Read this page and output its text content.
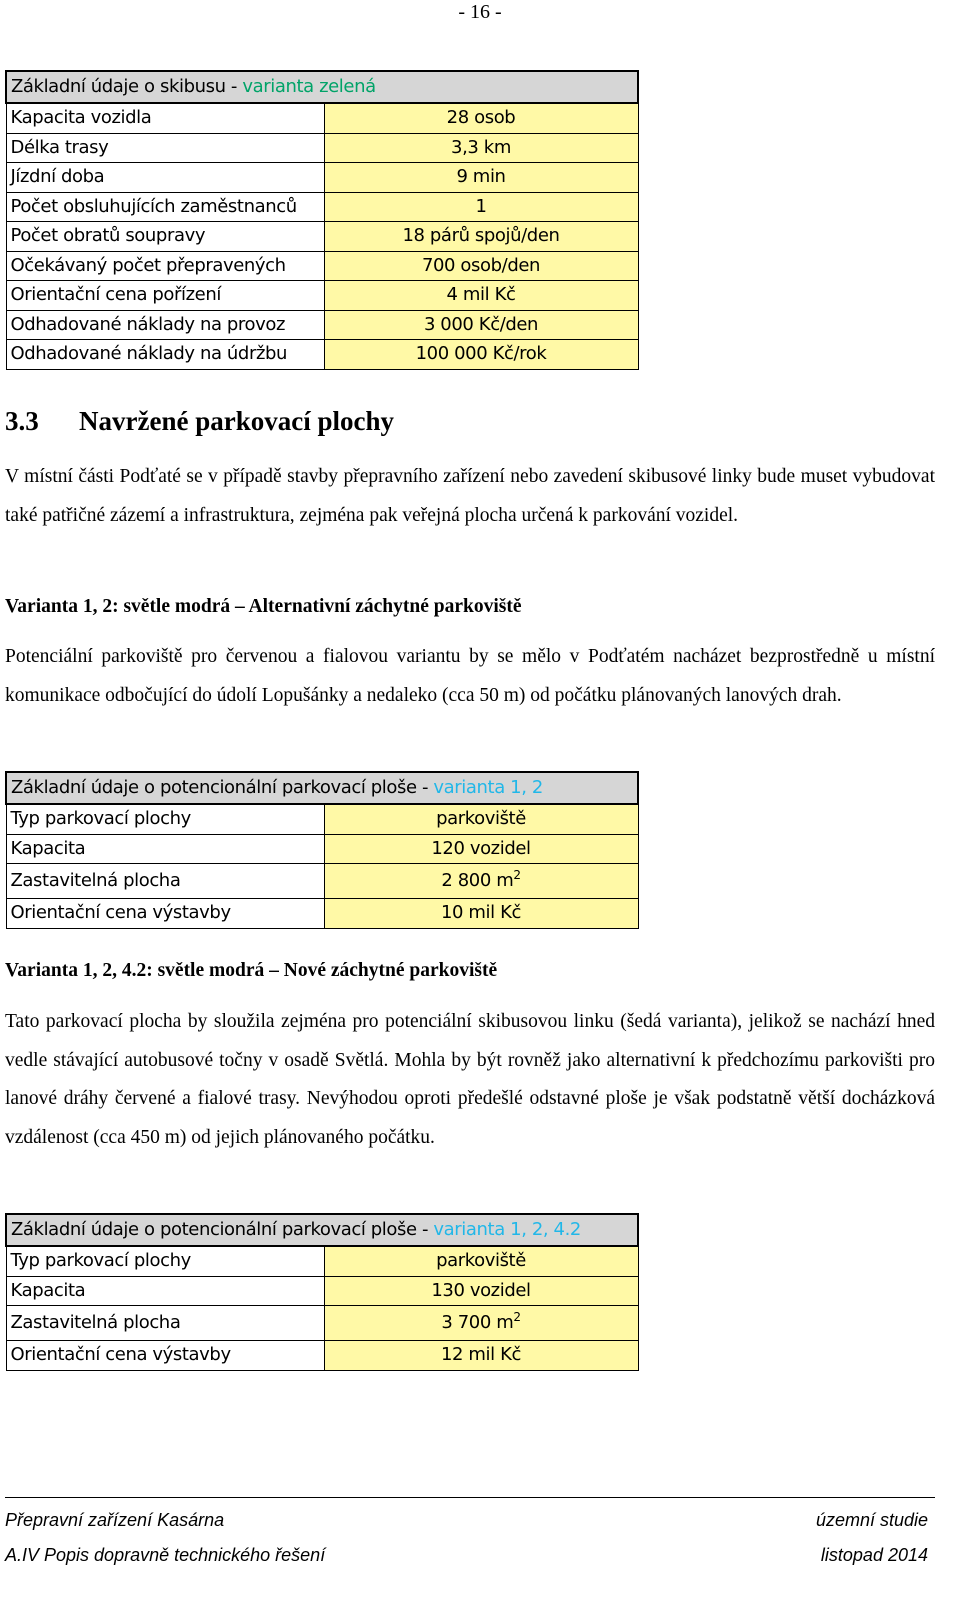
- 16 -
Základní údaje o skibusu - varianta zelená	
Kapacita vozidla	28 osob
Délka trasy	3,3 km
Jízdní doba	9 min
Počet obsluhujících zaměstnanců	1
Počet obratů soupravy	18 párů spojů/den
Očekávaný počet přepravených	700 osob/den
Orientační cena pořízení	4 mil Kč
Odhadované náklady na provoz	3 000 Kč/den
Odhadované náklady na údržbu	100 000 Kč/rok
3.3 Navržené parkovací plochy

V místní části Podťaté se v případě stavby přepravního zařízení nebo zavedení skibusové linky bude muset vybudovat také patřičné zázemí a infrastruktura, zejména pak veřejná plocha určená k parkování vozidel.

Varianta 1, 2: světle modrá – Alternativní záchytné parkoviště

Potenciální parkoviště pro červenou a fialovou variantu by se mělo v Podťatém nacházet bezprostředně u místní komunikace odbočující do údolí Lopušánky a nedaleko (cca 50 m) od počátku plánovaných lanových drah.

Základní údaje o potencionální parkovací ploše - varianta 1, 2	
Typ parkovací plochy	parkoviště
Kapacita	120 vozidel
Zastavitelná plocha	2 800 $m^2$
Orientační cena výstavby	10 mil Kč
Varianta 1, 2, 4.2: světle modrá – Nové záchytné parkoviště

Tato parkovací plocha by sloužila zejména pro potenciální skibusovou linku (šedá varianta), jelikož se nachází hned vedle stávající autobusové točny v osadě Světlá. Mohla by být rovněž jako alternativní k předchozímu parkovišti pro lanové dráhy červené a fialové trasy. Nevýhodou oproti předešlé odstavné ploše je však podstatně větší docházková vzdálenost (cca 450 m) od jejich plánovaného počátku.

Základní údaje o potencionální parkovací ploše - varianta 1, 2, 4.2	
Typ parkovací plochy	parkoviště
Kapacita	130 vozidel
Zastavitelná plocha	3 700 $m^2$
Orientační cena výstavby	12 mil Kč
Přepravní zařízení Kasárna	územní studie
A.IV Popis dopravně technického řešení	listopad 2014
